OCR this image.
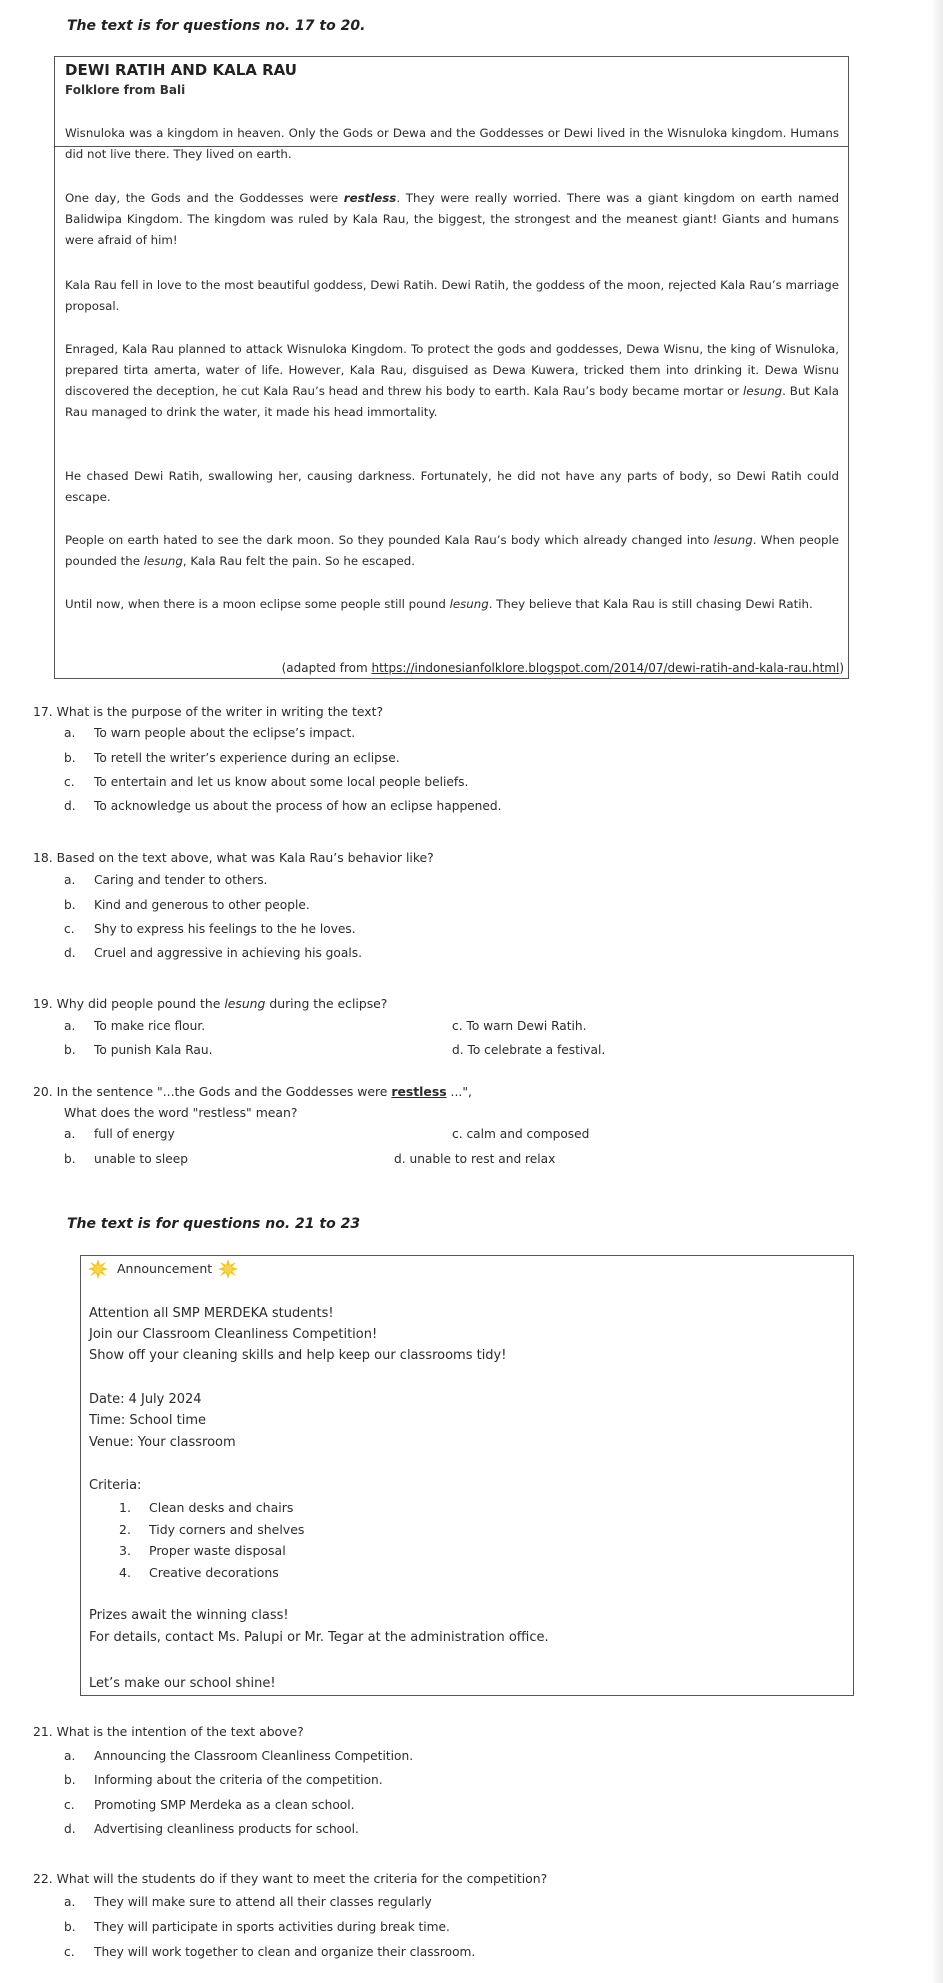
The text is for questions no. 17 to 20.
DEWI RATIH AND KALA RAU
Folklore from Bali

Wisnuloka was a kingdom in heaven. Only the Gods or Dewa and the Goddesses or Dewi lived in the Wisnuloka kingdom. Humans did not live there. They lived on earth.

One day, the Gods and the Goddesses were restless. They were really worried. There was a giant kingdom on earth named Balidwipa Kingdom. The kingdom was ruled by Kala Rau, the biggest, the strongest and the meanest giant! Giants and humans were afraid of him!

Kala Rau fell in love to the most beautiful goddess, Dewi Ratih. Dewi Ratih, the goddess of the moon, rejected Kala Rau’s marriage proposal.

Enraged, Kala Rau planned to attack Wisnuloka Kingdom. To protect the gods and goddesses, Dewa Wisnu, the king of Wisnuloka, prepared tirta amerta, water of life. However, Kala Rau, disguised as Dewa Kuwera, tricked them into drinking it. Dewa Wisnu discovered the deception, he cut Kala Rau’s head and threw his body to earth. Kala Rau’s body became mortar or lesung. But Kala Rau managed to drink the water, it made his head immortality.

He chased Dewi Ratih, swallowing her, causing darkness. Fortunately, he did not have any parts of body, so Dewi Ratih could escape.

People on earth hated to see the dark moon. So they pounded Kala Rau’s body which already changed into lesung. When people pounded the lesung, Kala Rau felt the pain. So he escaped.

Until now, when there is a moon eclipse some people still pound lesung. They believe that Kala Rau is still chasing Dewi Ratih.

(adapted from https://indonesianfolklore.blogspot.com/2014/07/dewi-ratih-and-kala-rau.html)
17. What is the purpose of the writer in writing the text?
a. To warn people about the eclipse’s impact.
b. To retell the writer’s experience during an eclipse.
c. To entertain and let us know about some local people beliefs.
d. To acknowledge us about the process of how an eclipse happened.
18. Based on the text above, what was Kala Rau’s behavior like?
a. Caring and tender to others.
b. Kind and generous to other people.
c. Shy to express his feelings to the he loves.
d. Cruel and aggressive in achieving his goals.
19. Why did people pound the lesung during the eclipse?
a. To make rice flour.
b. To punish Kala Rau.
c. To warn Dewi Ratih.
d. To celebrate a festival.
20. In the sentence "...the Gods and the Goddesses were restless ...",
What does the word "restless" mean?
a. full of energy
b. unable to sleep
c. calm and composed
d. unable to rest and relax
The text is for questions no. 21 to 23
Announcement
Attention all SMP MERDEKA students!
Join our Classroom Cleanliness Competition!
Show off your cleaning skills and help keep our classrooms tidy!
Date: 4 July 2024
Time: School time
Venue: Your classroom
Criteria:
1. Clean desks and chairs
2. Tidy corners and shelves
3. Proper waste disposal
4. Creative decorations
Prizes await the winning class!
For details, contact Ms. Palupi or Mr. Tegar at the administration office.
Let’s make our school shine!
21. What is the intention of the text above?
a. Announcing the Classroom Cleanliness Competition.
b. Informing about the criteria of the competition.
c. Promoting SMP Merdeka as a clean school.
d. Advertising cleanliness products for school.
22. What will the students do if they want to meet the criteria for the competition?
a. They will make sure to attend all their classes regularly
b. They will participate in sports activities during break time.
c. They will work together to clean and organize their classroom.
